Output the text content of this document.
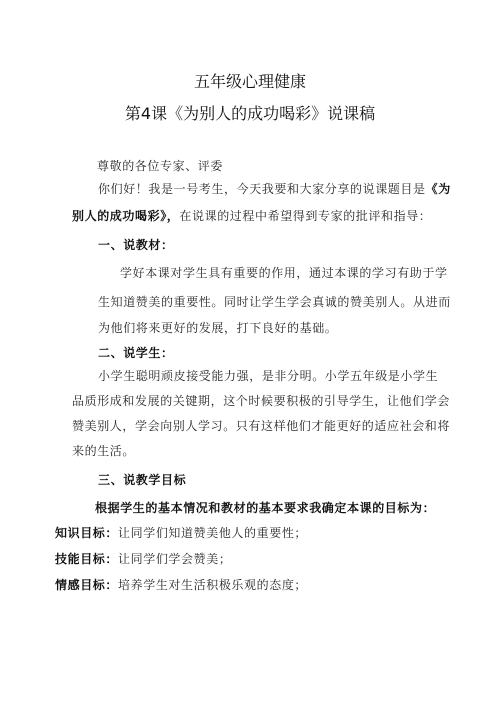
五年级心理健康
第4课《为别人的成功喝彩》说课稿
尊敬的各位专家、评委
你们好！我是一号考生，今天我要和大家分享的说课题目是《为
别人的成功喝彩》，在说课的过程中希望得到专家的批评和指导：
一、说教材：
学好本课对学生具有重要的作用，通过本课的学习有助于学
生知道赞美的重要性。同时让学生学会真诚的赞美别人。从进而
为他们将来更好的发展，打下良好的基础。
二、说学生：
小学生聪明顽皮接受能力强，是非分明。小学五年级是小学生
品质形成和发展的关键期，这个时候要积极的引导学生，让他们学会
赞美别人，学会向别人学习。只有这样他们才能更好的适应社会和将
来的生活。
三、说教学目标
根据学生的基本情况和教材的基本要求我确定本课的目标为：
知识目标：让同学们知道赞美他人的重要性；
技能目标：让同学们学会赞美；
情感目标：培养学生对生活积极乐观的态度；
